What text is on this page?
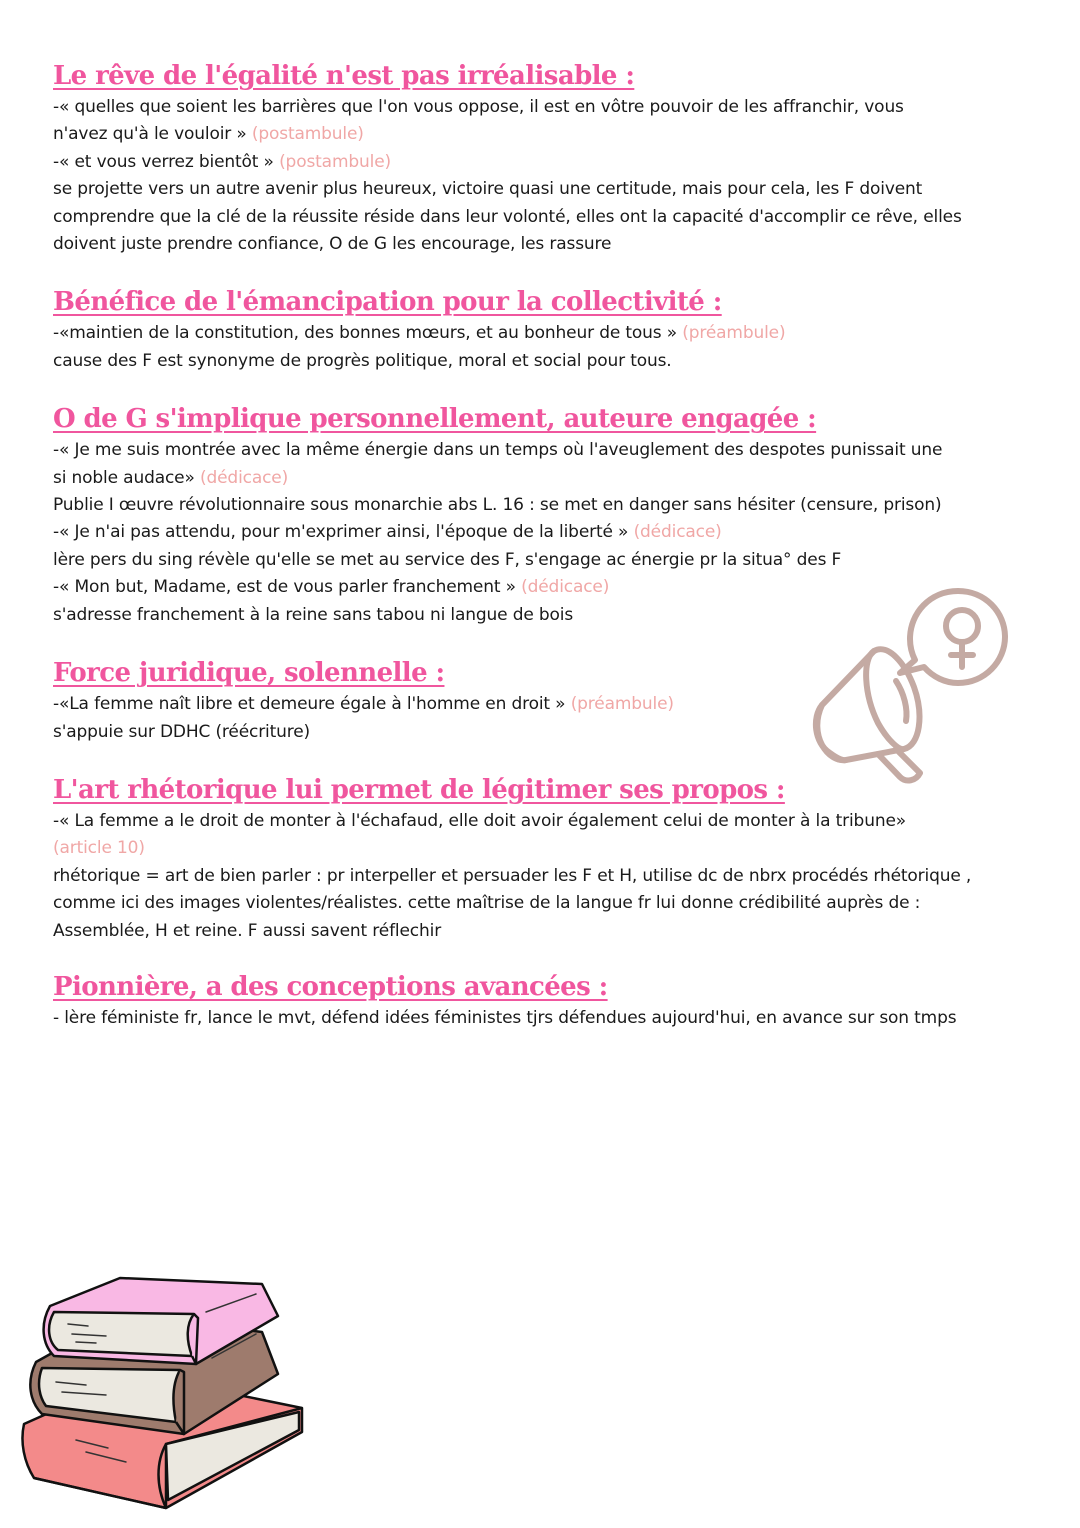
Le rêve de l'égalité n'est pas irréalisable :

-« quelles que soient les barrières que l'on vous oppose, il est en vôtre pouvoir de les affranchir, vous

n'avez qu'à le vouloir » (postambule)

-« et vous verrez bientôt » (postambule)

se projette vers un autre avenir plus heureux, victoire quasi une certitude, mais pour cela, les F doivent

comprendre que la clé de la réussite réside dans leur volonté, elles ont la capacité d'accomplir ce rêve, elles

doivent juste prendre confiance, O de G les encourage, les rassure

Bénéfice de l'émancipation pour la collectivité :

-«maintien de la constitution, des bonnes mœurs, et au bonheur de tous » (préambule)

cause des F est synonyme de progrès politique, moral et social pour tous.

O de G s'implique personnellement, auteure engagée :

-« Je me suis montrée avec la même énergie dans un temps où l'aveuglement des despotes punissait une

si noble audace» (dédicace)

Publie I œuvre révolutionnaire sous monarchie abs L. 16 : se met en danger sans hésiter (censure, prison)

-« Je n'ai pas attendu, pour m'exprimer ainsi, l'époque de la liberté » (dédicace)

lère pers du sing révèle qu'elle se met au service des F, s'engage ac énergie pr la situa° des F

-« Mon but, Madame, est de vous parler franchement » (dédicace)

s'adresse franchement à la reine sans tabou ni langue de bois

Force juridique, solennelle :

-«La femme naît libre et demeure égale à l'homme en droit » (préambule)

s'appuie sur DDHC (réécriture)

L'art rhétorique lui permet de légitimer ses propos :

-« La femme a le droit de monter à l'échafaud, elle doit avoir également celui de monter à la tribune»

(article 10)

rhétorique = art de bien parler : pr interpeller et persuader les F et H, utilise dc de nbrx procédés rhétorique ,

comme ici des images violentes/réalistes. cette maîtrise de la langue fr lui donne crédibilité auprès de :

Assemblée, H et reine. F aussi savent réflechir

Pionnière, a des conceptions avancées :

- lère féministe fr, lance le mvt, défend idées féministes tjrs défendues aujourd'hui, en avance sur son tmps
